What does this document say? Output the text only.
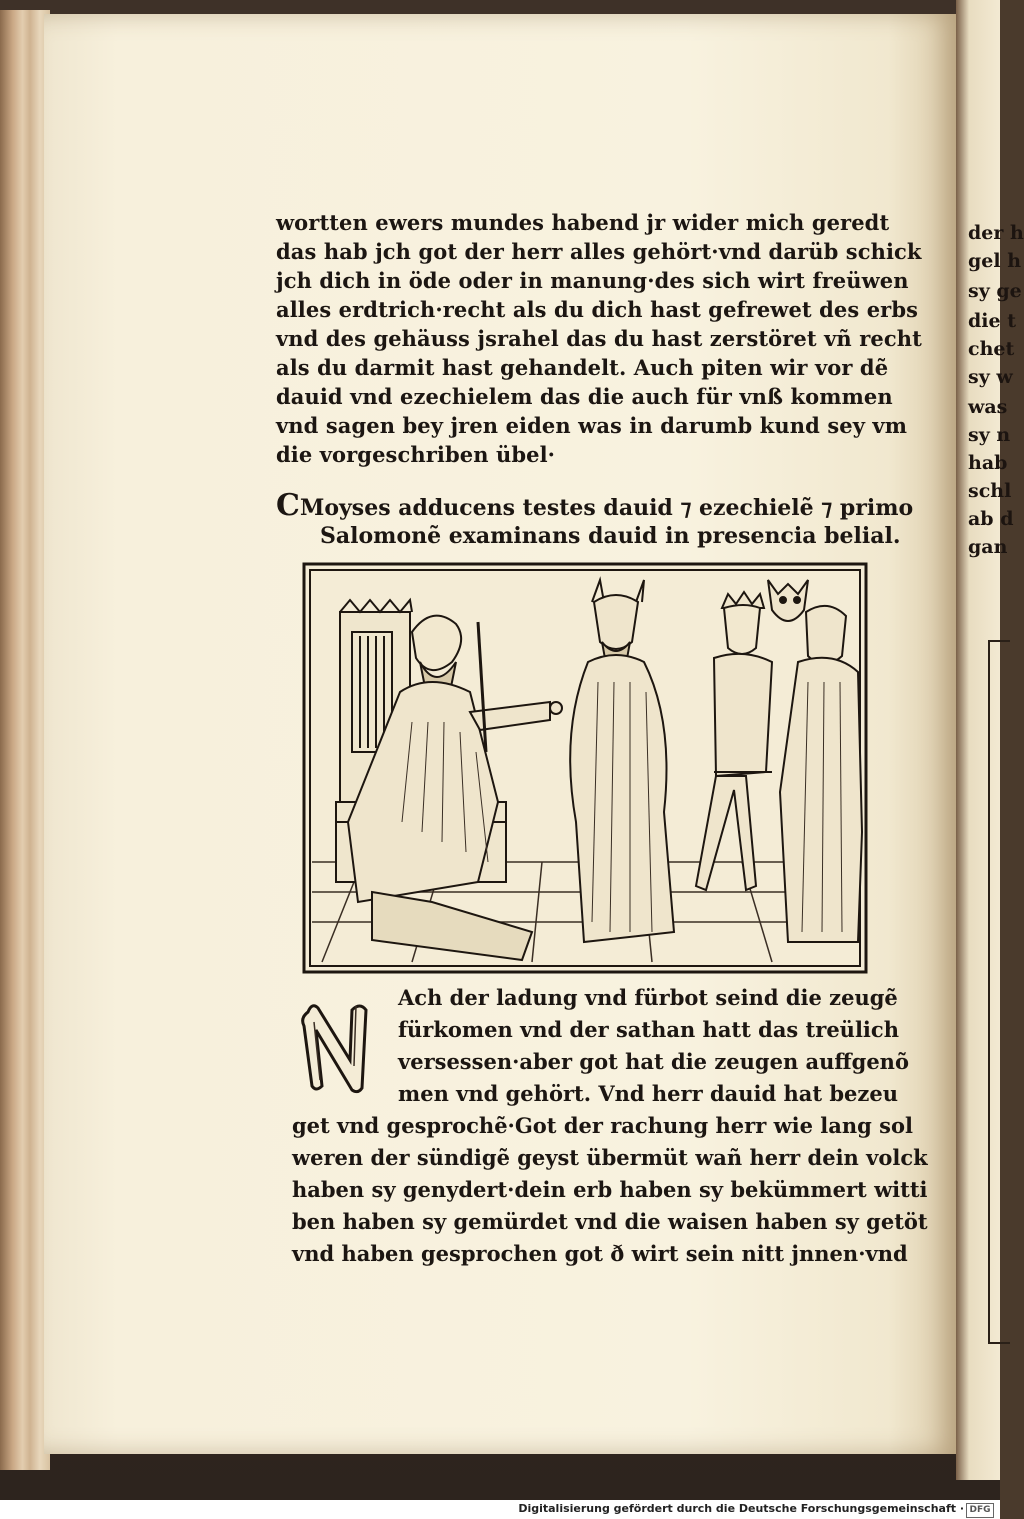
der h
gel h
sy ge
die t
chet
sy w
was
sy n
hab
schl
ab d
gan
wortten ewers mundes habend jr wider mich geredt
das hab jch got der herr alles gehört·vnd darüb schick
jch dich in öde oder in manung·des sich wirt freüwen
alles erdtrich·recht als du dich hast gefrewet des erbs
vnd des gehäuss jsrahel das du hast zerstöret vñ recht
als du darmit hast gehandelt. Auch piten wir vor dẽ
dauid vnd ezechielem das die auch für vnß kommen
vnd sagen bey jren eiden was in darumb kund sey vm
die vorgeschriben übel·
CMoyses adducens testes dauid ⁊ ezechielẽ ⁊ primo
Salomonẽ examinans dauid in presencia belial.
Ach der ladung vnd fürbot seind die zeugẽ
fürkomen vnd der sathan hatt das treülich
versessen·aber got hat die zeugen auffgenõ
men vnd gehört. Vnd herr dauid hat bezeu
get vnd gesprochẽ·Got der rachung herr wie lang sol
weren der sündigẽ geyst übermüt wañ herr dein volck
haben sy genydert·dein erb haben sy bekümmert witti
ben haben sy gemürdet vnd die waisen haben sy getöt
vnd haben gesprochen got ð wirt sein nitt jnnen·vnd
Digitalisierung gefördert durch die Deutsche Forschungsgemeinschaft · DFG
